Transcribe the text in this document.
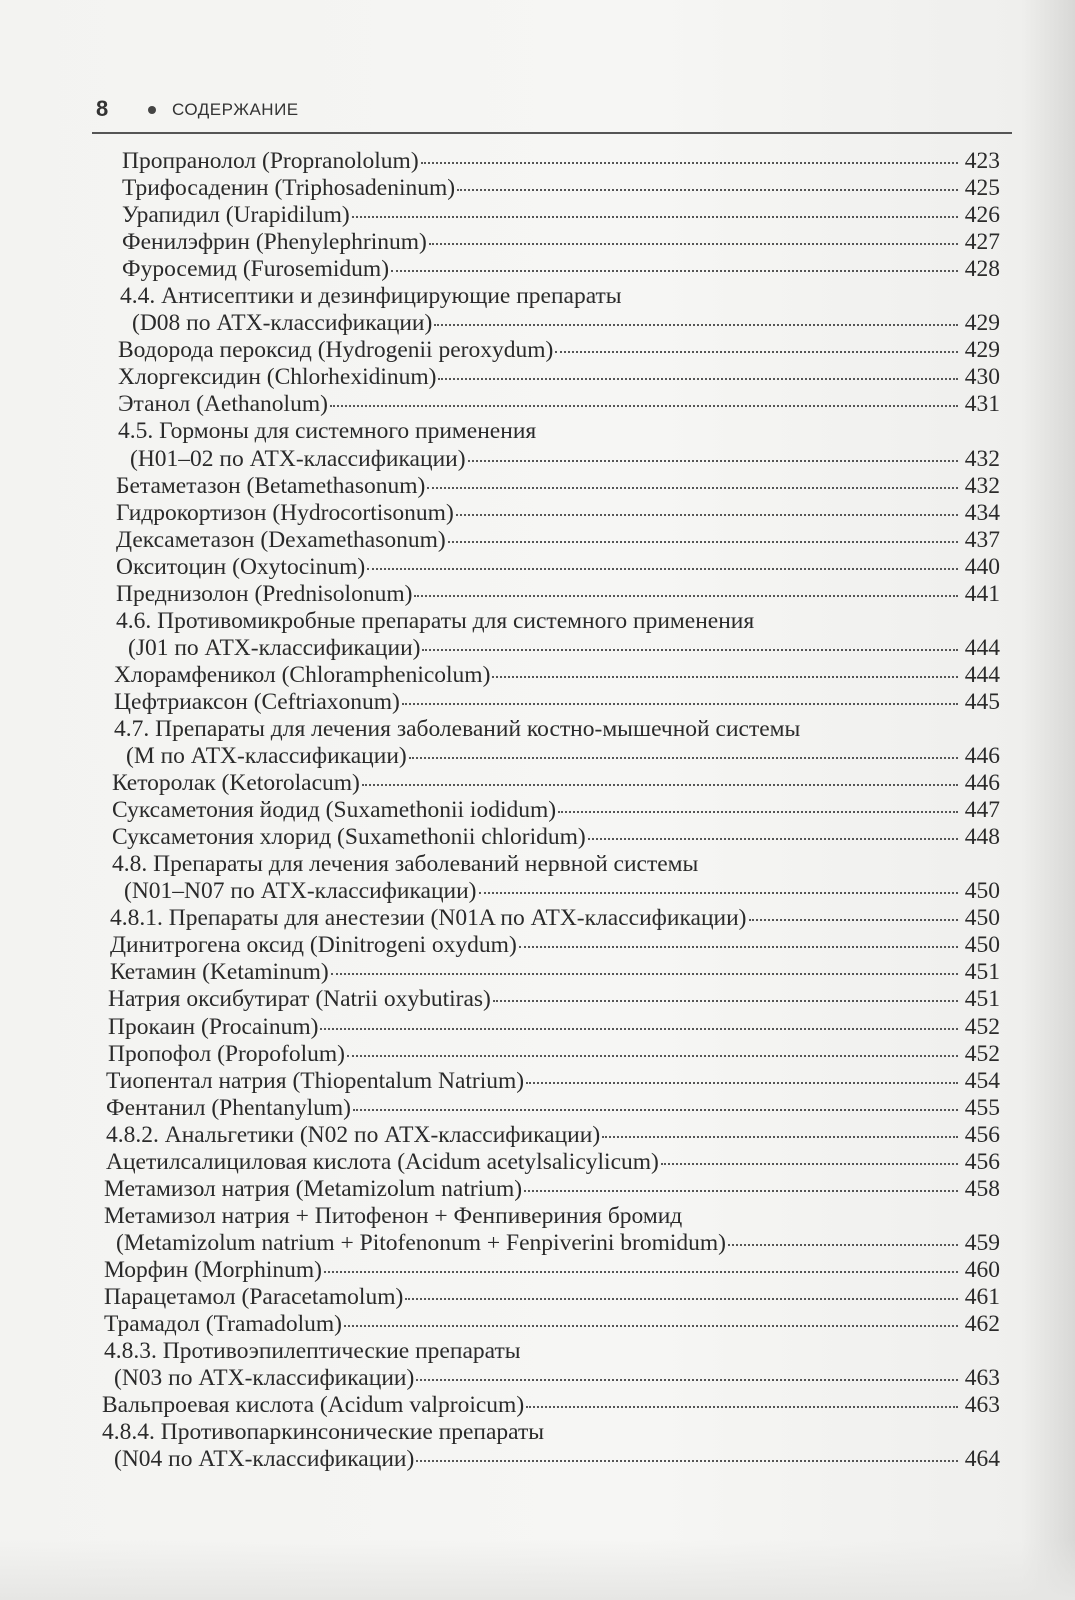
8	СОДЕРЖАНИЕ
Пропранолол (Propranololum)	423
Трифосаденин (Triphosadeninum)	425
Урапидил (Urapidilum)	426
Фенилэфрин (Phenylephrinum)	427
Фуросемид (Furosemidum)	428
4.4. Антисептики и дезинфицирующие препараты
(D08 по АТХ-классификации)	429
Водорода пероксид (Hydrogenii peroxydum)	429
Хлоргексидин (Chlorhexidinum)	430
Этанол (Aethanolum)	431
4.5. Гормоны для системного применения
(H01–02 по АТХ-классификации)	432
Бетаметазон (Betamethasonum)	432
Гидрокортизон (Hydrocortisonum)	434
Дексаметазон (Dexamethasonum)	437
Окситоцин (Oxytocinum)	440
Преднизолон (Prednisolonum)	441
4.6. Противомикробные препараты для системного применения
(J01 по АТХ-классификации)	444
Хлорамфеникол (Chloramphenicolum)	444
Цефтриаксон (Ceftriaxonum)	445
4.7. Препараты для лечения заболеваний костно-мышечной системы
(M по АТХ-классификации)	446
Кеторолак (Ketorolacum)	446
Суксаметония йодид (Suxamethonii iodidum)	447
Суксаметония хлорид (Suxamethonii chloridum)	448
4.8. Препараты для лечения заболеваний нервной системы
(N01–N07 по АТХ-классификации)	450
4.8.1. Препараты для анестезии (N01A по АТХ-классификации)	450
Динитрогена оксид (Dinitrogeni oxydum)	450
Кетамин (Ketaminum)	451
Натрия оксибутират (Natrii oxybutiras)	451
Прокаин (Procainum)	452
Пропофол (Propofolum)	452
Тиопентал натрия (Thiopentalum Natrium)	454
Фентанил (Phentanylum)	455
4.8.2. Анальгетики (N02 по АТХ-классификации)	456
Ацетилсалициловая кислота (Acidum acetylsalicylicum)	456
Метамизол натрия (Metamizolum natrium)	458
Метамизол натрия + Питофенон + Фенпивериния бромид
(Metamizolum natrium + Pitofenonum + Fenpiverini bromidum)	459
Морфин (Morphinum)	460
Парацетамол (Paracetamolum)	461
Трамадол (Tramadolum)	462
4.8.3. Противоэпилептические препараты
(N03 по АТХ-классификации)	463
Вальпроевая кислота (Acidum valproicum)	463
4.8.4. Противопаркинсонические препараты
(N04 по АТХ-классификации)	464
